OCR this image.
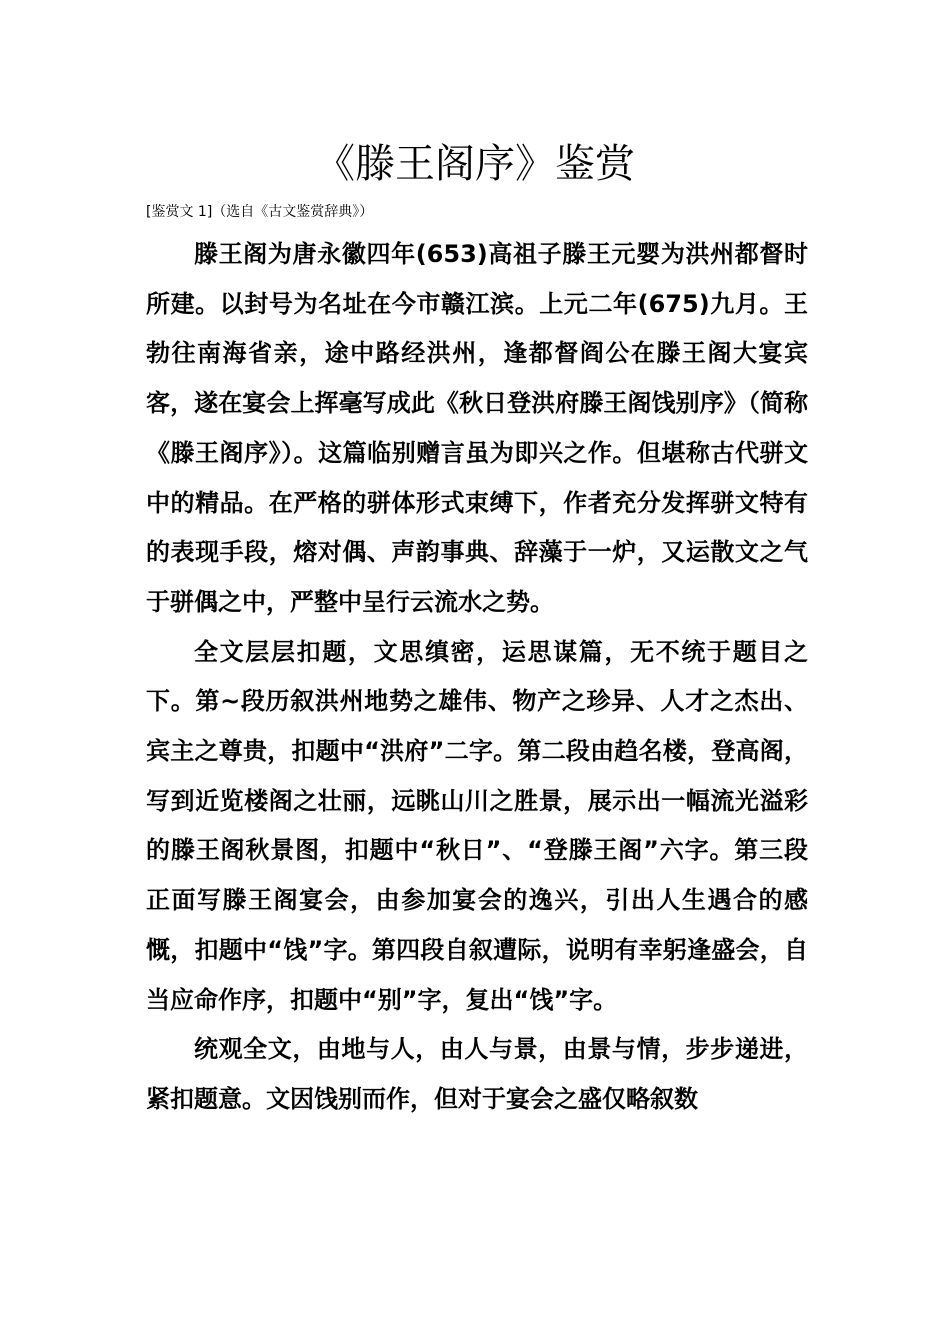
《滕王阁序》鉴赏

[鉴赏文 1]（选自《古文鉴赏辞典》）

滕王阁为唐永徽四年(653)高祖子滕王元婴为洪州都督时所建。以封号为名址在今市赣江滨。上元二年(675)九月。王勃往南海省亲，途中路经洪州，逢都督阎公在滕王阁大宴宾客，遂在宴会上挥毫写成此《秋日登洪府滕王阁饯别序》（简称《滕王阁序》）。这篇临别赠言虽为即兴之作。但堪称古代骈文中的精品。在严格的骈体形式束缚下，作者充分发挥骈文特有的表现手段，熔对偶、声韵事典、辞藻于一炉，又运散文之气于骈偶之中，严整中呈行云流水之势。

全文层层扣题，文思缜密，运思谋篇，无不统于题目之下。第~段历叙洪州地势之雄伟、物产之珍异、人才之杰出、宾主之尊贵，扣题中“洪府”二字。第二段由趋名楼，登高阁，写到近览楼阁之壮丽，远眺山川之胜景，展示出一幅流光溢彩的滕王阁秋景图，扣题中“秋日”、“登滕王阁”六字。第三段正面写滕王阁宴会，由参加宴会的逸兴，引出人生遇合的感慨，扣题中“饯”字。第四段自叙遭际，说明有幸躬逢盛会，自当应命作序，扣题中“别”字，复出“饯”字。

统观全文，由地与人，由人与景，由景与情，步步递进，紧扣题意。文因饯别而作，但对于宴会之盛仅略叙数
